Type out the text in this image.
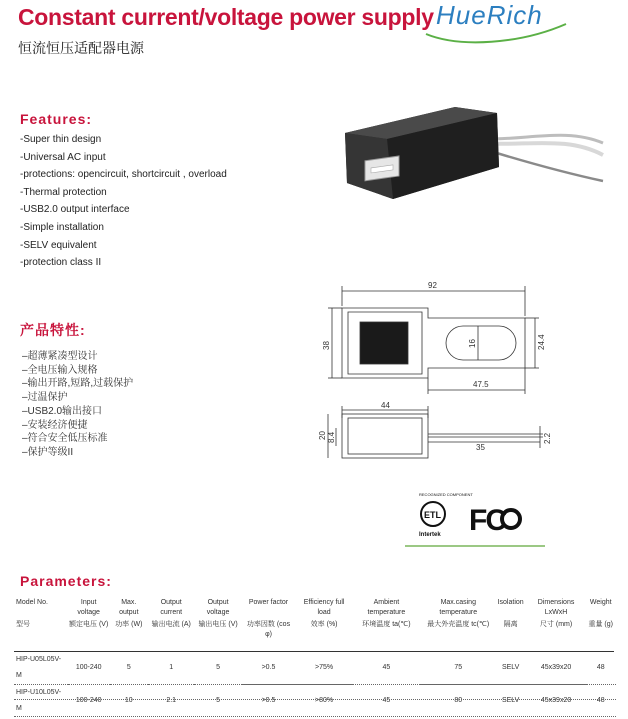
Constant current/voltage power supply
恒流恒压适配器电源
HueRich
Features:
-Super thin design
-Universal AC input
-protections: opencircuit, shortcircuit , overload
-Thermal protection
-USB2.0 output interface
-Simple installation
-SELV equivalent
-protection class II
产品特性:
–超薄紧凑型设计
–全电压输入规格
–输出开路,短路,过载保护
–过温保护
–USB2.0输出接口
–安装经济便捷
–符合安全低压标准
–保护等级II
92
38	16	24.4
47.5
44
20 8.4
35
2.2
RECOGNIZED COMPONENT
ETL
Intertek FC
Parameters:
Model No.	Input voltage	Max. output	Output current	Output voltage	Power factor	Efficiency full load	Ambient temperature	Max.casing temperature	Isolation	Dimensions LxWxH	Weight
型号	额定电压 (V)	功率 (W)	输出电流 (A)	输出电压 (V)	功率因数 (cos φ)	效率 (%)	环境温度 ta(℃)	最大外壳温度 tc(℃)	隔离	尺寸 (mm)	重量 (g)
HIP-U05L05V-M	100-240	5	1	5	>0.5	>75%	45	75	SELV	45x39x20	48
HIP-U10L05V-M	100-240	10	2.1	5	>0.5	>80%	45	80	SELV	45x39x20	48
